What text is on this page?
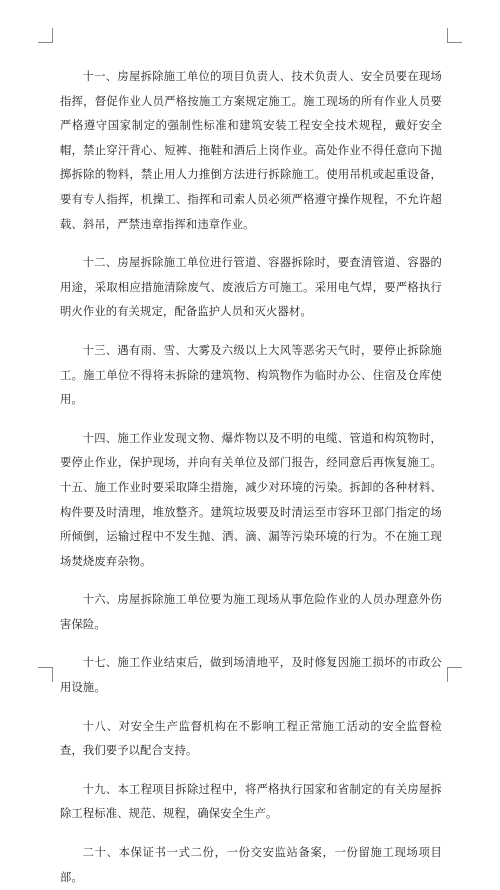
十一、房屋拆除施工单位的项目负责人、技术负责人、安全员要在现场指挥，督促作业人员严格按施工方案规定施工。施工现场的所有作业人员要严格遵守国家制定的强制性标准和建筑安装工程安全技术规程，戴好安全帽，禁止穿汗背心、短裤、拖鞋和酒后上岗作业。高处作业不得任意向下抛掷拆除的物料，禁止用人力推倒方法进行拆除施工。使用吊机或起重设备，要有专人指挥，机操工、指挥和司索人员必须严格遵守操作规程，不允许超载、斜吊，严禁违章指挥和违章作业。

十二、房屋拆除施工单位进行管道、容器拆除时，要查清管道、容器的用途，采取相应措施清除废气、废液后方可施工。采用电气焊，要严格执行明火作业的有关规定，配备监护人员和灭火器材。

十三、遇有雨、雪、大雾及六级以上大风等恶劣天气时，要停止拆除施工。施工单位不得将未拆除的建筑物、构筑物作为临时办公、住宿及仓库使用。

十四、施工作业发现文物、爆炸物以及不明的电缆、管道和构筑物时，要停止作业，保护现场，并向有关单位及部门报告，经同意后再恢复施工。十五、施工作业时要采取降尘措施，减少对环境的污染。拆卸的各种材料、构件要及时清理，堆放整齐。建筑垃圾要及时清运至市容环卫部门指定的场所倾倒，运输过程中不发生抛、洒、滴、漏等污染环境的行为。不在施工现场焚烧废弃杂物。

十六、房屋拆除施工单位要为施工现场从事危险作业的人员办理意外伤害保险。

十七、施工作业结束后，做到场清地平，及时修复因施工损坏的市政公用设施。

十八、对安全生产监督机构在不影响工程正常施工活动的安全监督检查，我们要予以配合支持。

十九、本工程项目拆除过程中，将严格执行国家和省制定的有关房屋拆除工程标准、规范、规程，确保安全生产。

二十、本保证书一式二份，一份交安监站备案，一份留施工现场项目部。
